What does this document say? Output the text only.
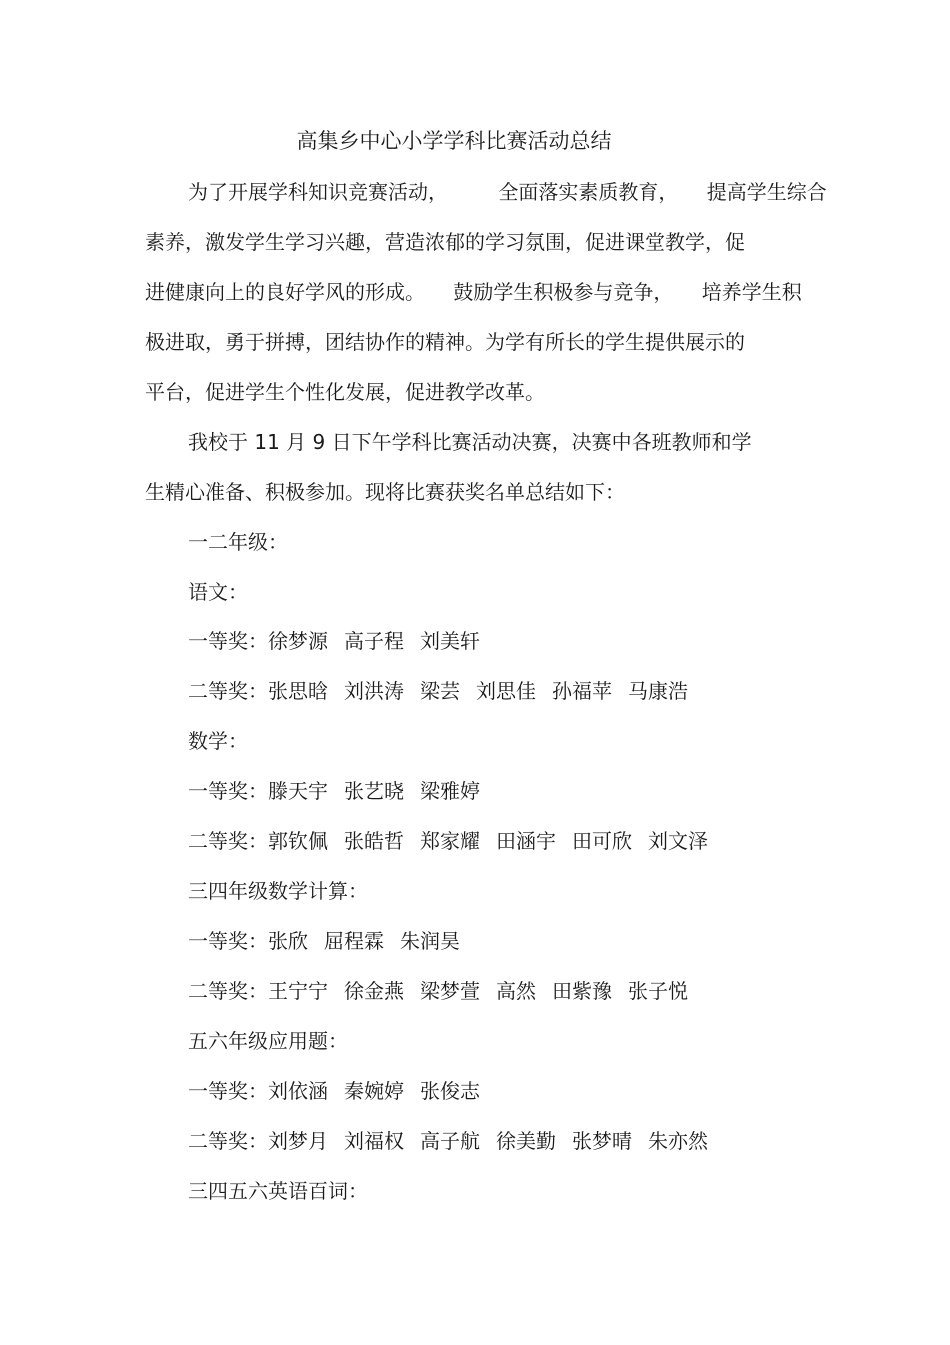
高集乡中心小学学科比赛活动总结
为了开展学科知识竞赛活动，	全面落实素质教育， 提高学生综合
素养，激发学生学习兴趣，营造浓郁的学习氛围，促进课堂教学，促
进健康向上的良好学风的形成。 鼓励学生积极参与竞争， 培养学生积
极进取，勇于拼搏，团结协作的精神。为学有所长的学生提供展示的
平台，促进学生个性化发展，促进教学改革。
我校于 11 月 9 日下午学科比赛活动决赛，决赛中各班教师和学
生精心准备、积极参加。现将比赛获奖名单总结如下：
一二年级：
语文：
一等奖：徐梦源 高子程 刘美轩
二等奖：张思晗 刘洪涛 梁芸 刘思佳 孙福苹 马康浩
数学：
一等奖：滕天宇 张艺晓 梁雅婷
二等奖：郭钦佩 张皓哲 郑家耀 田涵宇 田可欣 刘文泽
三四年级数学计算：
一等奖：张欣 屈程霖 朱润昊
二等奖：王宁宁 徐金燕 梁梦萱 高然 田紫豫 张子悦
五六年级应用题：
一等奖：刘依涵 秦婉婷 张俊志
二等奖：刘梦月 刘福权 高子航 徐美勤 张梦晴 朱亦然
三四五六英语百词：
